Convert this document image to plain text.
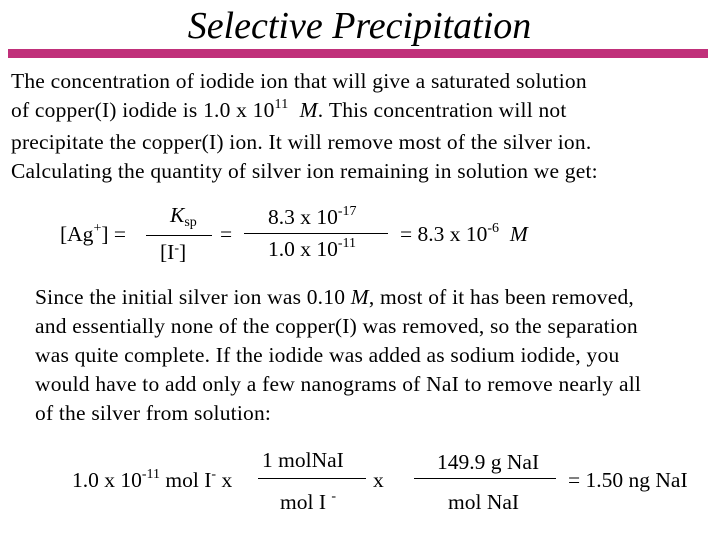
Selective Precipitation
The concentration of iodide ion that will give a saturated solution
of copper(I) iodide is 1.0 x $10^{11}$ M. This concentration will not
precipitate the copper(I) ion. It will remove most of the silver ion.
Calculating the quantity of silver ion remaining in solution we get:
[Ag+] =
Ksp
[I-]
=
8.3 x $10^{-17}$
1.0 x $10^{-11} = 8.3$ x $10^{-6}$ M
Since the initial silver ion was 0.10 M, most of it has been removed,
and essentially none of the copper(I) was removed, so the separation
was quite complete. If the iodide was added as sodium iodide, you
would have to add only a few nanograms of NaI to remove nearly all
of the silver from solution:
1.0 x $10^{-11}$ mol I- x
1 molNaI
mol I -
x
149.9 g NaI
mol NaI
= 1.50 ng NaI
